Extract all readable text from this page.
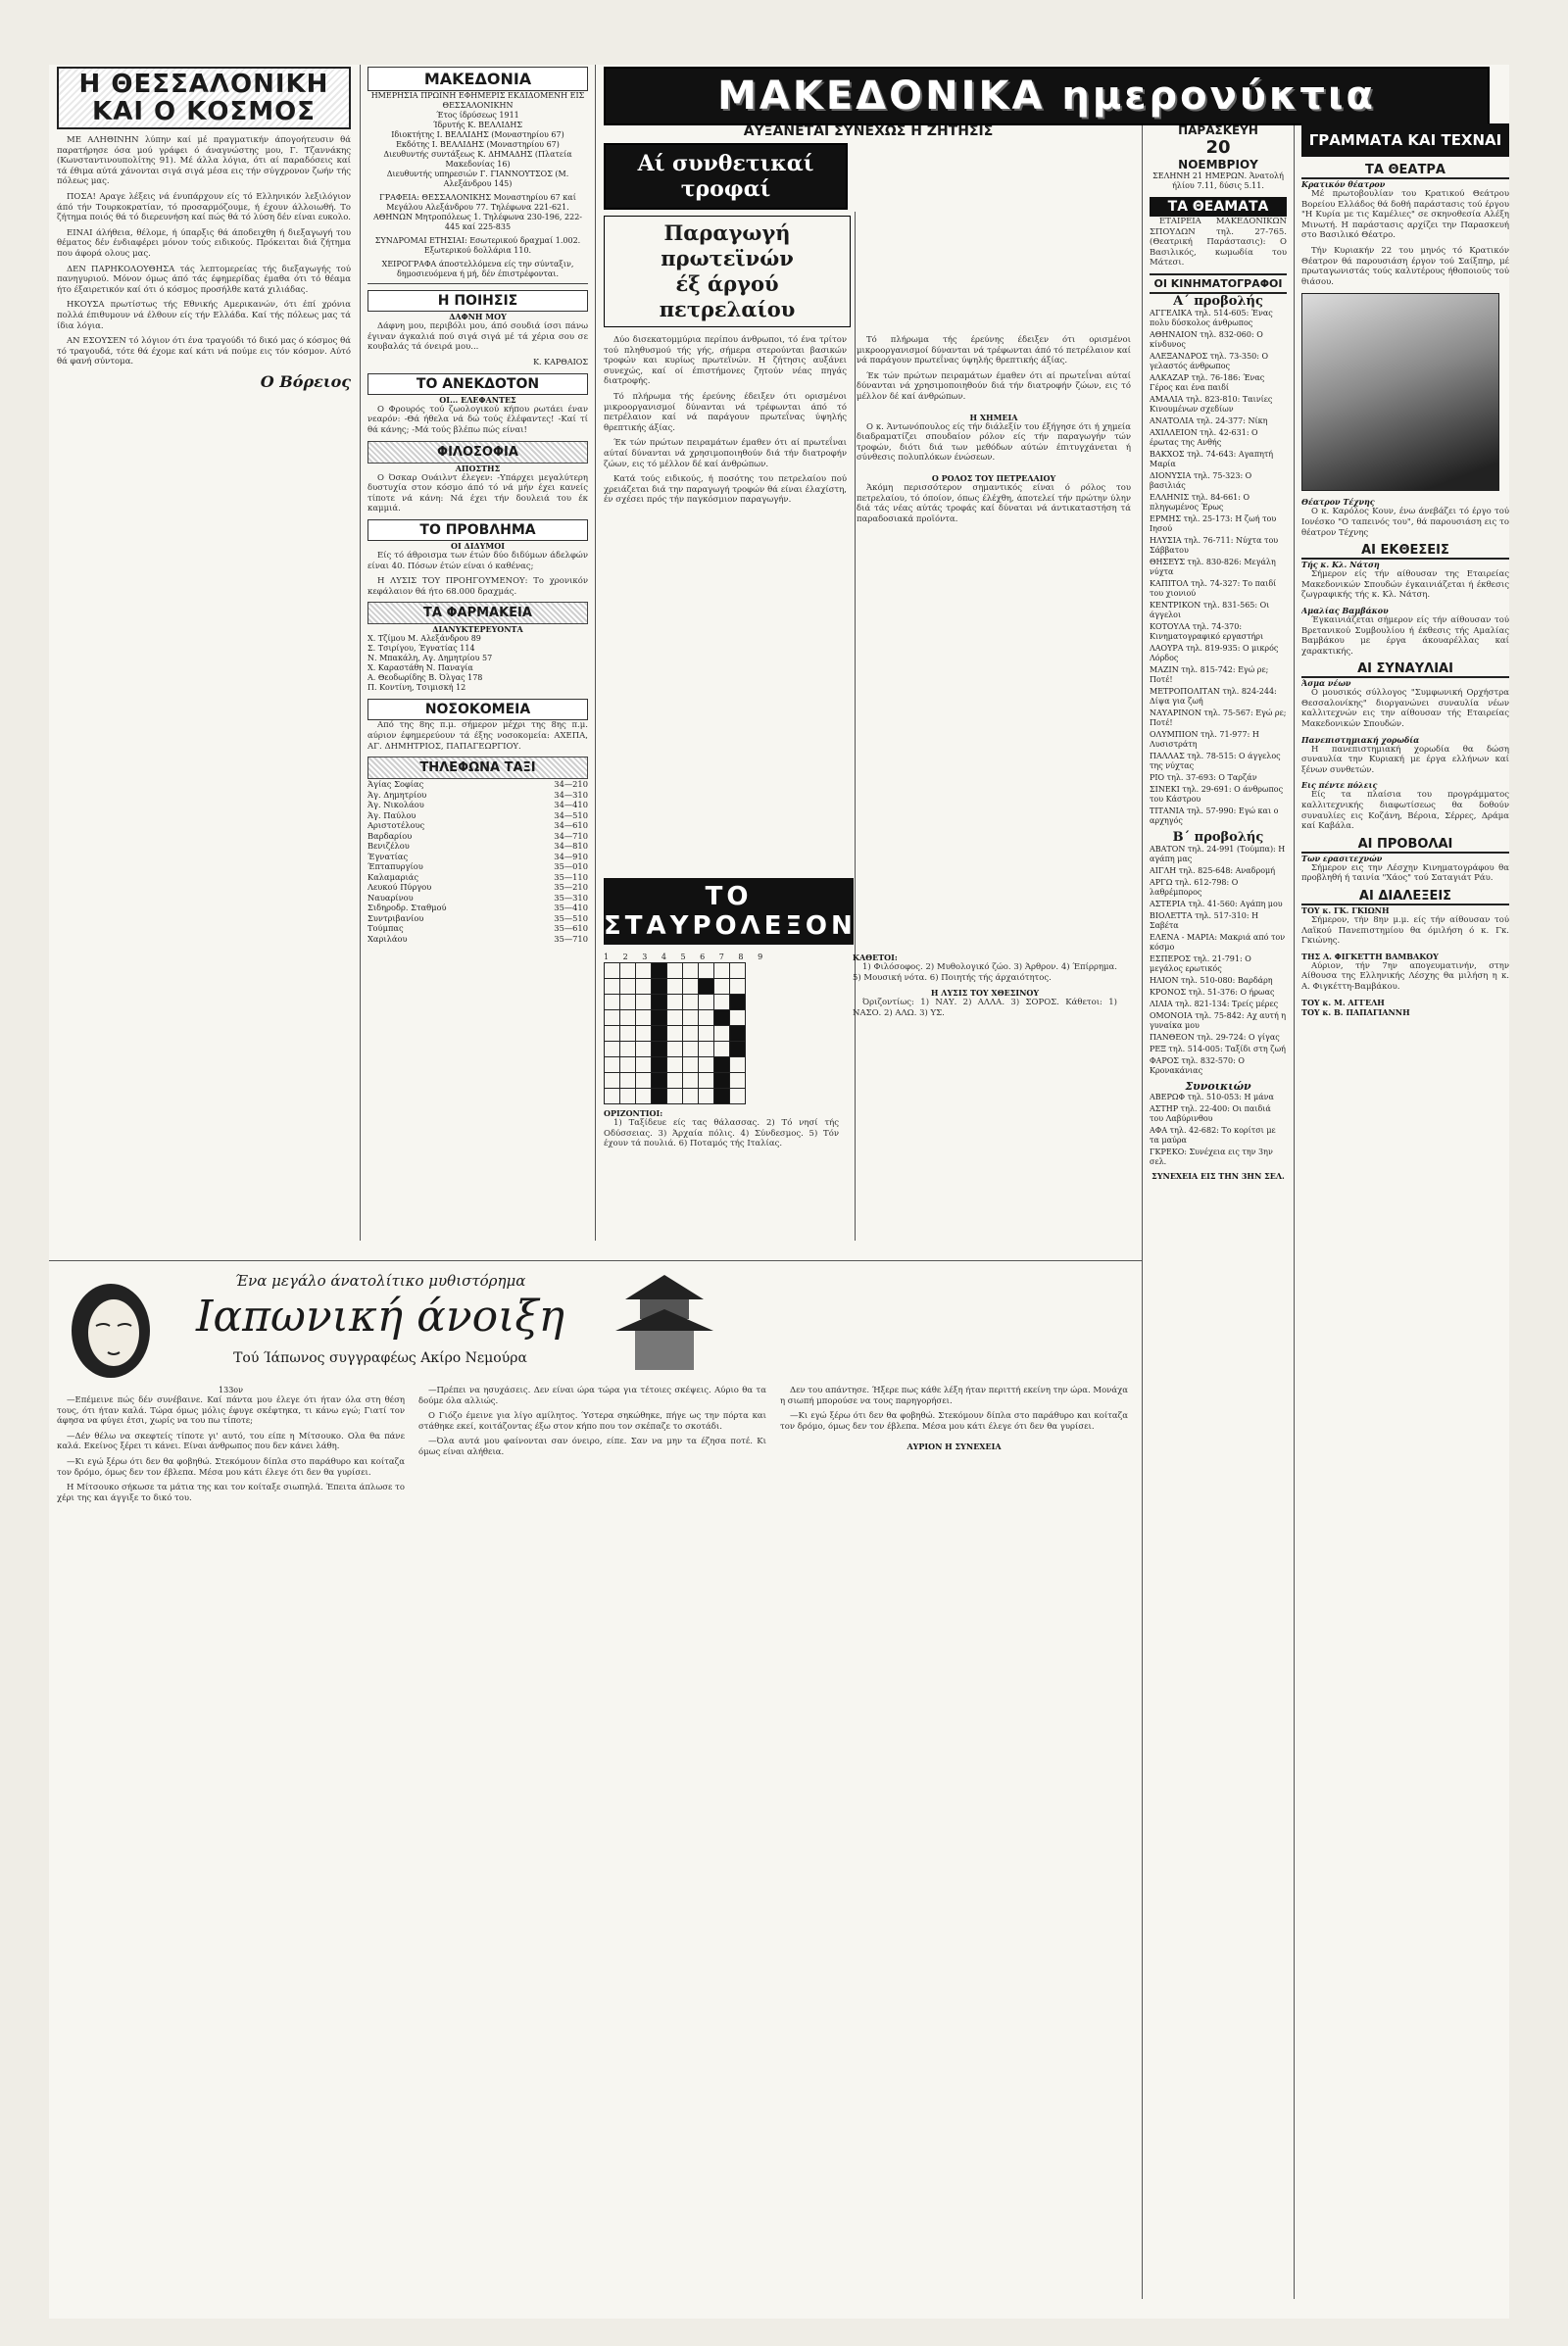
Η ΘΕΣΣΑΛΟΝΙΚΗ
ΚΑΙ Ο ΚΟΣΜΟΣ

ΜΕ ΑΛΗΘΙΝΗΝ λύπην καί μέ πραγματικήν άπογοήτευσιν θά παρατήρησε όσα μού γράφει ό άναγνώστης μου, Γ. Τζαννάκης (Κωνσταντινουπολίτης 91). Μέ άλλα λόγια, ότι αί παραδόσεις καί τά έθιμα αύτά χάνονται σιγά σιγά μέσα εις τήν σύγχρονον ζωήν τής πόλεως μας.

ΠΟΣΑ! Αραγε λέξεις νά ένυπάρχουν είς τό Ελληνικόν λεξιλόγιον άπό τήν Τουρκοκρατίαν, τό προσαρμόζουμε, ή έχουν άλλοιωθή. Το ζήτημα ποιός θά τό διερευνήση καί πώς θά τό λύση δέν είναι ευκολο.

ΕΙΝΑΙ άλήθεια, θέλομε, ή ύπαρξις θά άποδειχθη ή διεξαγωγή του θέματος δέν ένδιαφέρει μόνον τούς ειδικούς. Πρόκειται διά ζήτημα που άφορά ολους μας.

ΔΕΝ ΠΑΡΗΚΟΛΟΥΘΗΣΑ τάς λεπτομερείας τής διεξαγωγής τού πανηγυριού. Μόνον όμως άπό τάς έφημερίδας έμαθα ότι τό θέαμα ήτο έξαιρετικόν καί ότι ό κόσμος προσήλθε κατά χιλιάδας.

ΗΚΟΥΣΑ πρωτίστως τής Εθνικής Αμερικανών, ότι έπί χρόνια πολλά έπιθυμουν νά έλθουν είς τήν Ελλάδα. Καί τής πόλεως μας τά ίδια λόγια.

ΑΝ ΕΣΟΥΣΕΝ τό λόγιον ότι ένα τραγούδι τό δικό μας ό κόσμος θά τό τραγουδά, τότε θά έχομε καί κάτι νά πούμε εις τόν κόσμον. Αύτό θά φανή σύντομα.

Ο Βόρειος
ΜΑΚΕΔΟΝΙΑ
ΗΜΕΡΗΣΙΑ ΠΡΩΙΝΗ ΕΦΗΜΕΡΙΣ ΕΚΔΙΔΟΜΕΝΗ ΕΙΣ ΘΕΣΣΑΛΟΝΙΚΗΝ
Έτος ίδρύσεως 1911
Ίδρυτής Κ. ΒΕΛΛΙΔΗΣ
Ιδιοκτήτης Ι. ΒΕΛΛΙΔΗΣ (Μοναστηρίου 67)
Εκδότης Ι. ΒΕΛΛΙΔΗΣ (Μοναστηρίου 67)
Διευθυντής συντάξεως Κ. ΔΗΜΑΔΗΣ (Πλατεία Μακεδονίας 16)
Διευθυντής υπηρεσιών Γ. ΓΙΑΝΝΟΥΤΣΟΣ (Μ. Αλεξάνδρου 145)
ΓΡΑΦΕΙΑ: ΘΕΣΣΑΛΟΝΙΚΗΣ Μοναστηρίου 67 καί Μεγάλου Αλεξάνδρου 77. Τηλέφωνα 221-621. ΑΘΗΝΩΝ Μητροπόλεως 1. Τηλέφωνα 230-196, 222-445 καί 225-835
ΣΥΝΔΡΟΜΑΙ ΕΤΗΣΙΑΙ: Εσωτερικού δραχμαί 1.002. Εξωτερικού δολλάρια 110.
ΧΕΙΡΟΓΡΑΦΑ άποστελλόμενα είς την σύνταξιν, δημοσιευόμενα ή μή, δέν έπιστρέφονται.
Η ΠΟΙΗΣΙΣ
ΔΑΦΝΗ ΜΟΥ

Δάφνη μου, περιβόλι μου, άπό σουδιά ίσσι πάνω έγιναν άγκαλιά πού σιγά σιγά μέ τά χέρια σου σε κουβαλάς τά όνειρά μου...

Κ. ΚΑΡΘΑΙΟΣ
ΤΟ ΑΝΕΚΔΟΤΟΝ
ΟΙ... ΕΛΕΦΑΝΤΕΣ

Ο Φρουρός τού ζωολογικού κήπου ρωτάει έναν νεαρόν: -Θά ήθελα νά δώ τούς έλέφαντες! -Καί τί θά κάνης; -Μά τούς βλέπω πώς είναι!

ΦΙΛΟΣΟΦΙΑ
ΑΠΟΣΤΗΣ

Ο Όσκαρ Ουάιλντ έλεγεν: -Υπάρχει μεγαλύτερη δυστυχία στον κόσμο άπό τό νά μήν έχει κανείς τίποτε νά κάνη: Νά έχει τήν δουλειά του έκ καμμιά.

ΤΟ ΠΡΟΒΛΗΜΑ
ΟΙ ΔΙΔΥΜΟΙ

Είς τό άθροισμα των έτών δύο διδύμων άδελφών είναι 40. Πόσων έτών είναι ό καθένας;

Η ΛΥΣΙΣ ΤΟΥ ΠΡΟΗΓΟΥΜΕΝΟΥ: Το χρονικόν κεφάλαιον θά ήτο 68.000 δραχμάς.

ΤΑ ΦΑΡΜΑΚΕΙΑ
ΔΙΑΝΥΚΤΕΡΕΥΟΝΤΑ
Χ. Τζίμου Μ. Αλεξάνδρου 89
Σ. Τσιρίγου, Έγνατίας 114
Ν. Μπακάλη, Αγ. Δημητρίου 57
Χ. Καραστάθη Ν. Παναγία
Α. Θεοδωρίδης Β. Όλγας 178
Π. Κοντίνη, Τσιμισκή 12
ΝΟΣΟΚΟΜΕΙΑ

Από της 8ης π.μ. σήμερον μέχρι της 8ης π.μ. αύριον έφημερεύουν τά έξης νοσοκομεία: ΑΧΕΠΑ, ΑΓ. ΔΗΜΗΤΡΙΟΣ, ΠΑΠΑΓΕΩΡΓΙΟΥ.

ΤΗΛΕΦΩΝΑ ΤΑΞΙ
Άγίας Σοφίας	34—210
Άγ. Δημητρίου	34—310
Άγ. Νικολάου	34—410
Άγ. Παύλου	34—510
Αριστοτέλους	34—610
Βαρδαρίου	34—710
Βενιζέλου	34—810
Έγνατίας	34—910
Έπταπυργίου	35—010
Καλαμαριάς	35—110
Λευκού Πύργου	35—210
Ναυαρίνου	35—310
Σιδηροδρ. Σταθμού	35—410
Συντριβανίου	35—510
Τούμπας	35—610
Χαριλάου	35—710
ΜΑΚΕΔΟΝΙΚΑ ημερονύκτια
ΑΥΞΑΝΕΤΑΙ ΣΥΝΕΧΩΣ Η ΖΗΤΗΣΙΣ
Αί συνθετικαί τροφαί
Παραγωγή πρωτεϊνών
έξ άργού πετρελαίου

Δύο δισεκατομμύρια περίπου άνθρωποι, τό ένα τρίτον τού πληθυσμού τής γής, σήμερα στερούνται βασικών τροφών και κυρίως πρωτεϊνών. Η ζήτησις αυξάνει συνεχώς, καί οί έπιστήμονες ζητούν νέας πηγάς διατροφής.

Τό πλήρωμα τής έρεύνης έδειξεν ότι ορισμένοι μικροοργανισμοί δύνανται νά τρέφωνται άπό τό πετρέλαιον καί νά παράγουν πρωτεΐνας ύψηλής θρεπτικής άξίας.

Έκ τών πρώτων πειραμάτων έμαθεν ότι αί πρωτεΐναι αύταί δύνανται νά χρησιμοποιηθούν διά τήν διατροφήν ζώων, εις τό μέλλον δέ καί άνθρώπων.

Κατά τούς ειδικούς, ή ποσότης του πετρελαίου πού χρειάζεται διά την παραγωγή τροφών θά είναι έλαχίστη, έν σχέσει πρός τήν παγκόσμιον παραγωγήν.

Τό πλήρωμα τής έρεύνης έδειξεν ότι ορισμένοι μικροοργανισμοί δύνανται νά τρέφωνται άπό τό πετρέλαιον καί νά παράγουν πρωτεΐνας ύψηλής θρεπτικής άξίας.

Έκ τών πρώτων πειραμάτων έμαθεν ότι αί πρωτεΐναι αύταί δύνανται νά χρησιμοποιηθούν διά τήν διατροφήν ζώων, εις τό μέλλον δέ καί άνθρώπων.

Η ΧΗΜΕΙΑ

Ο κ. Άντωνόπουλος είς τήν διάλεξίν του έξήγησε ότι ή χημεία διαδραματίζει σπουδαίον ρόλον είς τήν παραγωγήν τών τροφών, διότι διά των μεθόδων αύτών έπιτυγχάνεται ή σύνθεσις πολυπλόκων ένώσεων.

Ο ΡΟΛΟΣ ΤΟΥ ΠΕΤΡΕΛΑΙΟΥ

Άκόμη περισσότερον σημαντικός είναι ό ρόλος του πετρελαίου, τό όποίον, όπως έλέχθη, άποτελεί τήν πρώτην ύλην διά τάς νέας αύτάς τροφάς καί δύναται νά άντικαταστήση τά παραδοσιακά προϊόντα.

ΤΟ ΣΤΑΥΡΟΛΕΞΟΝ
1 2 3 4 5 6 7 8 9

ΟΡΙΖΟΝΤΙΟΙ:

1) Ταξίδευε είς τας θάλασσας. 2) Τό νησί τής Οδύσσειας. 3) Άρχαία πόλις. 4) Σύνδεσμος. 5) Τόν έχουν τά πουλιά. 6) Ποταμός τής Ιταλίας.

ΚΑΘΕΤΟΙ:

1) Φιλόσοφος. 2) Μυθολογικό ζώο. 3) Άρθρον. 4) Έπίρρημα. 5) Μουσική νότα. 6) Ποιητής τής άρχαιότητος.

Η ΛΥΣΙΣ ΤΟΥ ΧΘΕΣΙΝΟΥ

Όριζοντίως: 1) ΝΑΥ. 2) ΑΛΛΑ. 3) ΣΟΡΟΣ. Κάθετοι: 1) ΝΑΣΟ. 2) ΑΛΩ. 3) ΥΣ.

Ένα μεγάλο άνατολίτικο μυθιστόρημα
Ιαπωνική άνοιξη
Τού Ίάπωνος συγγραφέως Ακίρο Νεμούρα
133ον

—Επέμεινε πώς δέν συνέβαινε. Καί πάντα μου έλεγε ότι ήταν όλα στη θέση τους, ότι ήταν καλά. Τώρα όμως μόλις έφυγε σκέφτηκα, τι κάνω εγώ; Γιατί τον άφησα να φύγει έτσι, χωρίς να του πω τίποτε;

—Δέν θέλω να σκεφτείς τίποτε γι' αυτό, του είπε η Μίτσουκο. Ολα θα πάνε καλά. Εκείνος ξέρει τι κάνει. Είναι άνθρωπος που δεν κάνει λάθη.

—Κι εγώ ξέρω ότι δεν θα φοβηθώ. Στεκόμουν δίπλα στο παράθυρο και κοίταζα τον δρόμο, όμως δεν τον έβλεπα. Μέσα μου κάτι έλεγε ότι δεν θα γυρίσει.

Η Μίτσουκο σήκωσε τα μάτια της και τον κοίταξε σιωπηλά. Έπειτα άπλωσε το χέρι της και άγγιξε το δικό του.

—Πρέπει να ησυχάσεις. Δεν είναι ώρα τώρα για τέτοιες σκέψεις. Αύριο θα τα δούμε όλα αλλιώς.

Ο Γιόζο έμεινε για λίγο αμίλητος. Ύστερα σηκώθηκε, πήγε ως την πόρτα και στάθηκε εκεί, κοιτάζοντας έξω στον κήπο που τον σκέπαζε το σκοτάδι.

—Όλα αυτά μου φαίνονται σαν όνειρο, είπε. Σαν να μην τα έζησα ποτέ. Κι όμως είναι αλήθεια.

Δεν του απάντησε. Ήξερε πως κάθε λέξη ήταν περιττή εκείνη την ώρα. Μονάχα η σιωπή μπορούσε να τους παρηγορήσει.

—Κι εγώ ξέρω ότι δεν θα φοβηθώ. Στεκόμουν δίπλα στο παράθυρο και κοίταζα τον δρόμο, όμως δεν τον έβλεπα. Μέσα μου κάτι έλεγε ότι δεν θα γυρίσει.

ΑΥΡΙΟΝ Η ΣΥΝΕΧΕΙΑ
ΠΑΡΑΣΚΕΥΗ
20
ΝΟΕΜΒΡΙΟΥ
ΣΕΛΗΝΗ 21 ΗΜΕΡΩΝ. Άνατολή ήλίου 7.11, δύσις 5.11.
ΤΑ ΘΕΑΜΑΤΑ

ΕΤΑΙΡΕΙΑ ΜΑΚΕΔΟΝΙΚΩΝ ΣΠΟΥΔΩΝ τηλ. 27-765. (Θεατρική Παράστασις): Ο Βασιλικός, κωμωδία του Μάτεσι.

ΟΙ ΚΙΝΗΜΑΤΟΓΡΑΦΟΙ
Α΄ προβολής
ΑΓΓΕΛΙΚΑ τηλ. 514-605: Ένας πολυ δύσκολος άνθρωπος
ΑΘΗΝΑΙΟΝ τηλ. 832-060: Ο κίνδυνος
ΑΛΕΞΑΝΔΡΟΣ τηλ. 73-350: Ο γελαστός άνθρωπος
ΑΛΚΑΖΑΡ τηλ. 76-186: Ένας Γέρος και ένα παιδί
ΑΜΑΛΙΑ τηλ. 823-810: Ταινίες Κινουμένων σχεδίων
ΑΝΑΤΟΛΙΑ τηλ. 24-377: Νίκη
ΑΧΙΛΛΕΙΟΝ τηλ. 42-631: Ο έρωτας της Ανθής
ΒΑΚΧΟΣ τηλ. 74-643: Αγαπητή Μαρία
ΔΙΟΝΥΣΙΑ τηλ. 75-323: Ο βασιλιάς
ΕΛΛΗΝΙΣ τηλ. 84-661: Ο πληγωμένος Έρως
ΕΡΜΗΣ τηλ. 25-173: Η ζωή του Ιησού
ΗΛΥΣΙΑ τηλ. 76-711: Νύχτα του Σάββατου
ΘΗΣΕΥΣ τηλ. 830-826: Μεγάλη νύχτα
ΚΑΠΙΤΟΛ τηλ. 74-327: Το παιδί του χιονιού
ΚΕΝΤΡΙΚΟΝ τηλ. 831-565: Οι άγγελοι
ΚΟΤΟΥΛΑ τηλ. 74-370: Κινηματογραφικό εργαστήρι
ΛΑΟΥΡΑ τηλ. 819-935: Ο μικρός Λόρδος
ΜΑΖΙΝ τηλ. 815-742: Εγώ ρε; Ποτέ!
ΜΕΤΡΟΠΟΛΙΤΑΝ τηλ. 824-244: Δίψα για ζωή
ΝΑΥΑΡΙΝΟΝ τηλ. 75-567: Εγώ ρε; Ποτέ!
ΟΛΥΜΠΙΟΝ τηλ. 71-977: Η Λυσιστράτη
ΠΑΛΛΑΣ τηλ. 78-515: Ο άγγελος της νύχτας
ΡΙΟ τηλ. 37-693: Ο Ταρζάν
ΣΙΝΕΚΙ τηλ. 29-691: Ο άνθρωπος του Κάστρου
ΤΙΤΑΝΙΑ τηλ. 57-990: Εγώ και ο αρχηγός
Β΄ προβολής
ΑΒΑΤΟΝ τηλ. 24-991 (Τούμπα): Η αγάπη μας
ΑΙΓΛΗ τηλ. 825-648: Αναδρομή
ΑΡΓΩ τηλ. 612-798: Ο λαθρέμπορος
ΑΣΤΕΡΙΑ τηλ. 41-560: Αγάπη μου
ΒΙΟΛΕΤΤΑ τηλ. 517-310: Η Σαβέτα
ΕΛΕΝΑ - ΜΑΡΙΑ: Μακριά από τον κόσμο
ΕΣΠΕΡΟΣ τηλ. 21-791: Ο μεγάλος ερωτικός
ΗΛΙΟΝ τηλ. 510-080: Βαρδάρη
ΚΡΟΝΟΣ τηλ. 51-376: Ο ήρωας
ΛΙΛΙΑ τηλ. 821-134: Τρείς μέρες
ΟΜΟΝΟΙΑ τηλ. 75-842: Αχ αυτή η γυναίκα μου
ΠΑΝΘΕΟΝ τηλ. 29-724: Ο γίγας
ΡΕΞ τηλ. 514-005: Ταξίδι στη ζωή
ΦΑΡΟΣ τηλ. 832-570: Ο Κρονακάνιας
Συνοικιών
ΑΒΕΡΩΦ τηλ. 510-053: Η μάνα
ΑΣΤΗΡ τηλ. 22-400: Οι παιδιά του Λαβύρινθου
ΑΦΑ τηλ. 42-682: Το κορίτσι με τα μαύρα
ΓΚΡΕΚΟ: Συνέχεια εις την 3ην σελ.
ΣΥΝΕΧΕΙΑ ΕΙΣ ΤΗΝ 3ΗΝ ΣΕΛ.
ΓΡΑΜΜΑΤΑ ΚΑΙ ΤΕΧΝΑΙ
ΤΑ ΘΕΑΤΡΑ
Κρατικόν θέατρον

Μέ πρωτοβουλίαν του Κρατικού Θεάτρου Βορείου Ελλάδος θά δοθή παράστασις τού έργου "Η Κυρία με τις Καμέλιες" σε σκηνοθεσία Αλέξη Μινωτή. Η παράστασις αρχίζει την Παρασκευή στο Βασιλικό Θέατρο.

Τήν Κυριακήν 22 του μηνός τό Κρατικόν Θέατρον θά παρουσιάση έργον τού Σαίξπηρ, μέ πρωταγωνιστάς τούς καλυτέρους ήθοποιούς τού θιάσου.

Θέατρον Τέχνης

Ο κ. Καρόλος Κουν, ένω άνεβάζει τό έργο τού Ιονέσκο "Ο ταπεινός του", θά παρουσιάση εις το θέατρον Τέχνης

ΑΙ ΕΚΘΕΣΕΙΣ
Τής κ. Κλ. Νάτση

Σήμερον είς τήν αίθουσαν της Εταιρείας Μακεδονικών Σπουδών έγκαινιάζεται ή έκθεσις ζωγραφικής τής κ. Κλ. Νάτση.

Αμαλίας Βαμβάκου

Έγκαινιάζεται σήμερον είς τήν αίθουσαν τού Βρετανικού Συμβουλίου ή έκθεσις τής Αμαλίας Βαμβάκου με έργα άκουαρέλλας καί χαρακτικής.

ΑΙ ΣΥΝΑΥΛΙΑΙ
Άσμα νέων

Ο μουσικός σύλλογος "Συμφωνική Ορχήστρα Θεσσαλονίκης" διοργανώνει συναυλία νέων καλλιτεχνών εις την αίθουσαν τής Εταιρείας Μακεδονικών Σπουδών.

Πανεπιστημιακή χορωδία

Η πανεπιστημιακή χορωδία θα δώση συναυλία την Κυριακή με έργα ελλήνων καί ξένων συνθετών.

Εις πέντε πόλεις

Είς τα πλαίσια του προγράμματος καλλιτεχνικής διαφωτίσεως θα δοθούν συναυλίες εις Κοζάνη, Βέροια, Σέρρες, Δράμα καί Καβάλα.

ΑΙ ΠΡΟΒΟΛΑΙ
Των ερασιτεχνών

Σήμερον εις την Λέσχην Κινηματογράφου θα προβληθή ή ταινία "Χάος" τού Σαταγιάτ Ράυ.

ΑΙ ΔΙΑΛΕΞΕΙΣ
ΤΟΥ κ. ΓΚ. ΓΚΙΩΝΗ

Σήμερον, τήν 8ην μ.μ. είς τήν αίθουσαν τού Λαϊκού Πανεπιστημίου θα όμιλήση ό κ. Γκ. Γκιώνης.

ΤΗΣ Α. ΦΙΓΚΕΤΤΗ ΒΑΜΒΑΚΟΥ

Αύριον, τήν 7ην απογευματινήν, στην Αίθουσα της Ελληνικής Λέσχης θα μιλήση η κ. Α. Φιγκέττη-Βαμβάκου.

ΤΟΥ κ. Μ. ΑΓΓΕΛΗ
ΤΟΥ κ. Β. ΠΑΠΑΓΙΑΝΝΗ
